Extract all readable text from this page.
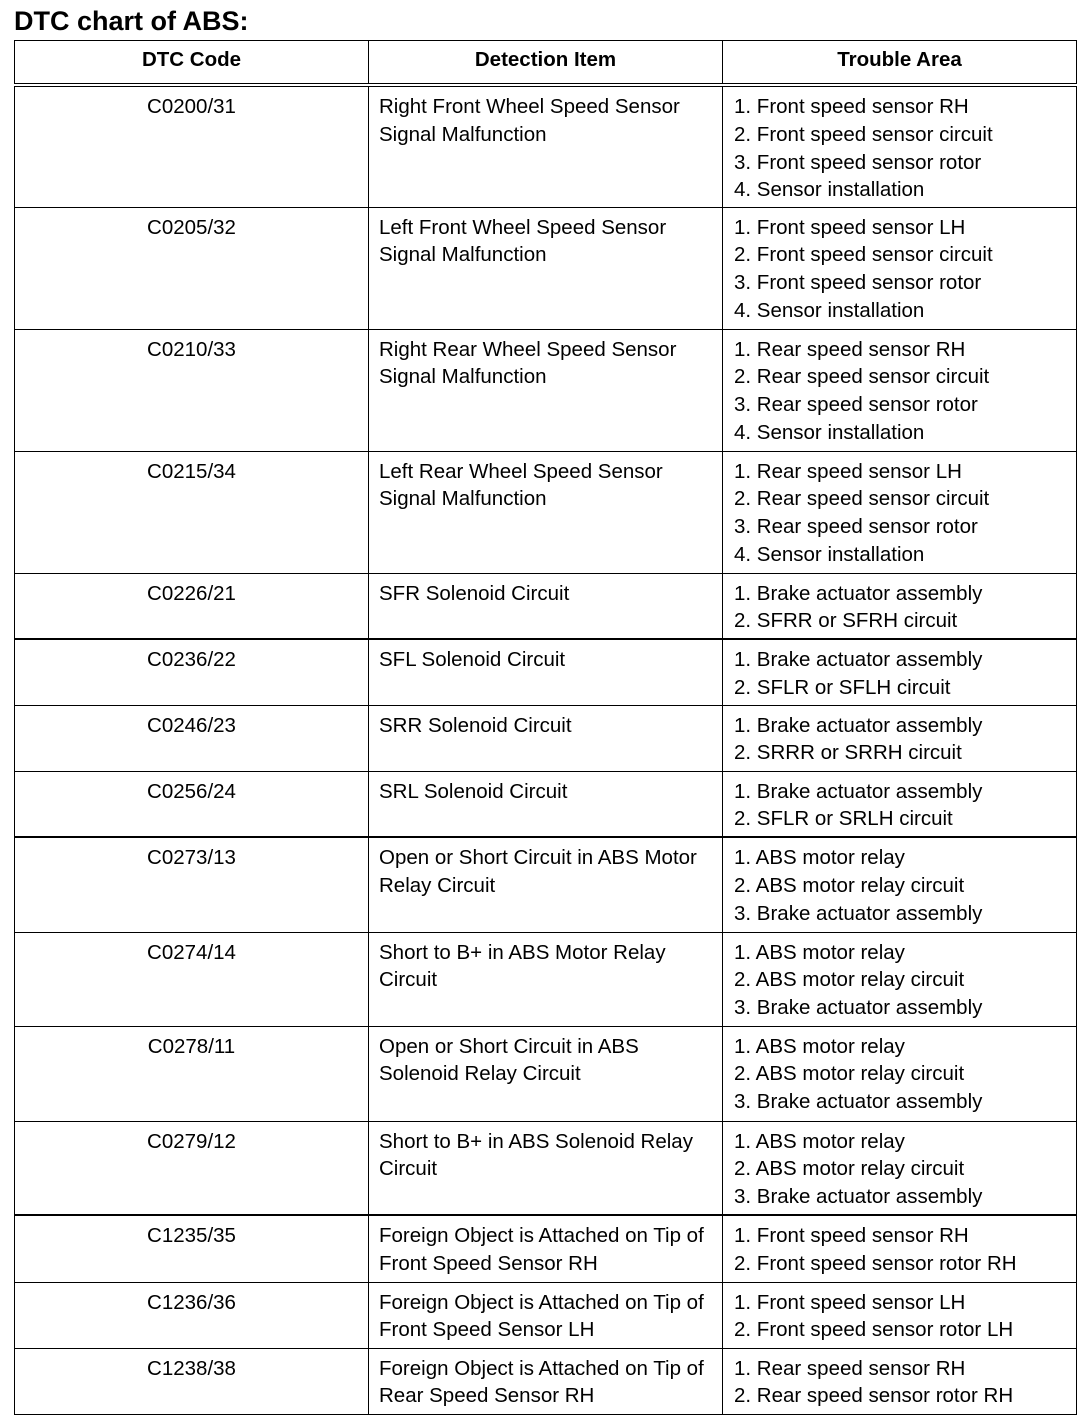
DTC chart of ABS:
DTC Code	Detection Item	Trouble Area
C0200/31	Right Front Wheel Speed Sensor Signal Malfunction	1. Front speed sensor RH
2. Front speed sensor circuit
3. Front speed sensor rotor
4. Sensor installation

C0205/32	Left Front Wheel Speed Sensor Signal Malfunction	1. Front speed sensor LH
2. Front speed sensor circuit
3. Front speed sensor rotor
4. Sensor installation

C0210/33	Right Rear Wheel Speed Sensor Signal Malfunction	1. Rear speed sensor RH
2. Rear speed sensor circuit
3. Rear speed sensor rotor
4. Sensor installation

C0215/34	Left Rear Wheel Speed Sensor Signal Malfunction	1. Rear speed sensor LH
2. Rear speed sensor circuit
3. Rear speed sensor rotor
4. Sensor installation

C0226/21	SFR Solenoid Circuit	1. Brake actuator assembly
2. SFRR or SFRH circuit

C0236/22	SFL Solenoid Circuit	1. Brake actuator assembly
2. SFLR or SFLH circuit

C0246/23	SRR Solenoid Circuit	1. Brake actuator assembly
2. SRRR or SRRH circuit

C0256/24	SRL Solenoid Circuit	1. Brake actuator assembly
2. SFLR or SRLH circuit

C0273/13	Open or Short Circuit in ABS Motor Relay Circuit	1. ABS motor relay
2. ABS motor relay circuit
3. Brake actuator assembly

C0274/14	Short to B+ in ABS Motor Relay Circuit	1. ABS motor relay
2. ABS motor relay circuit
3. Brake actuator assembly

C0278/11	Open or Short Circuit in ABS Solenoid Relay Circuit	1. ABS motor relay
2. ABS motor relay circuit
3. Brake actuator assembly

C0279/12	Short to B+ in ABS Solenoid Relay Circuit	1. ABS motor relay
2. ABS motor relay circuit
3. Brake actuator assembly

C1235/35	Foreign Object is Attached on Tip of Front Speed Sensor RH	1. Front speed sensor RH
2. Front speed sensor rotor RH

C1236/36	Foreign Object is Attached on Tip of Front Speed Sensor LH	1. Front speed sensor LH
2. Front speed sensor rotor LH

C1238/38	Foreign Object is Attached on Tip of Rear Speed Sensor RH	1. Rear speed sensor RH
2. Rear speed sensor rotor RH
